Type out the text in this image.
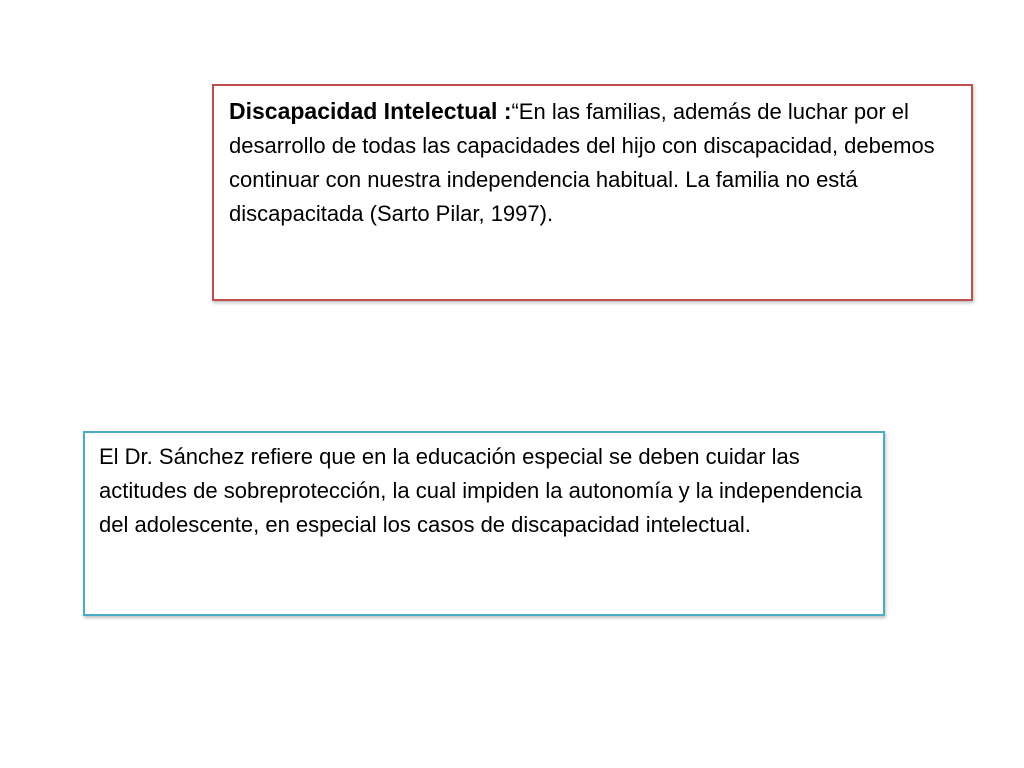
Discapacidad Intelectual :“En las familias, además de luchar por el desarrollo de todas las capacidades del hijo con discapacidad, debemos continuar con nuestra independencia habitual. La familia no está discapacitada (Sarto Pilar, 1997).
El Dr. Sánchez refiere que en la educación especial se deben cuidar las actitudes de sobreprotección, la cual impiden la autonomía y la independencia del adolescente, en especial los casos de discapacidad intelectual.
